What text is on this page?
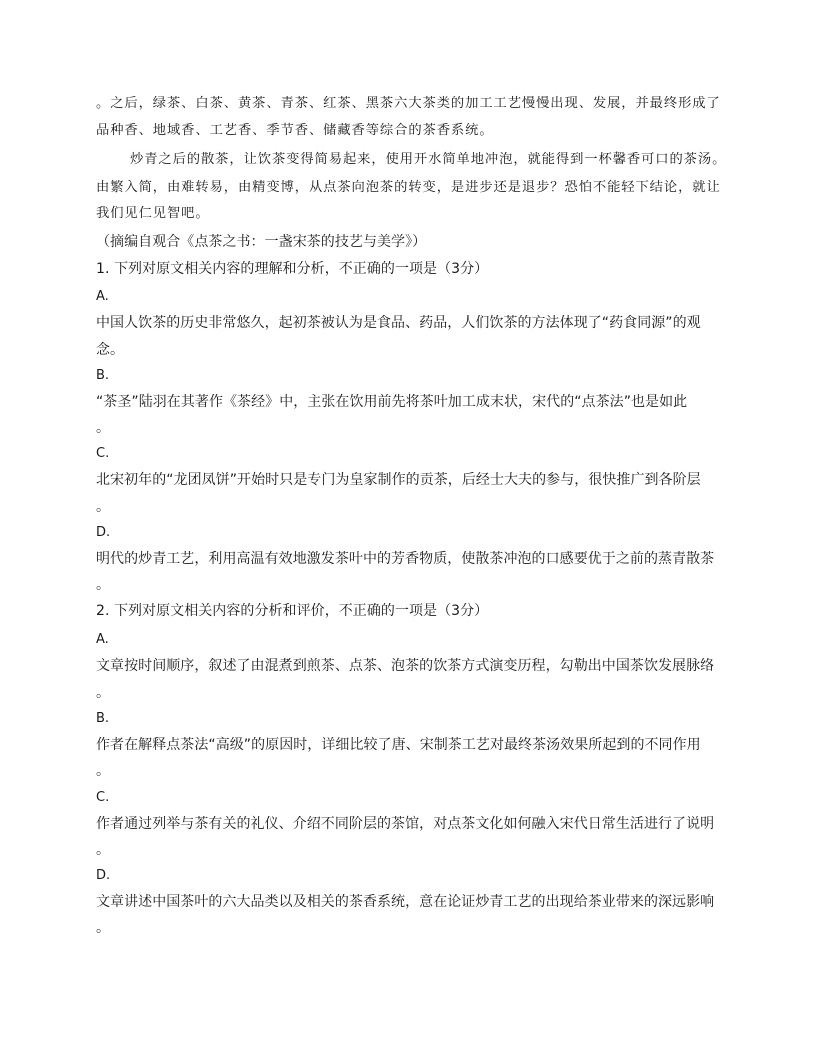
。之后，绿茶、白茶、黄茶、青茶、红茶、黑茶六大茶类的加工工艺慢慢出现、发展，并最终形成了
品种香、地域香、工艺香、季节香、储藏香等综合的茶香系统。
炒青之后的散茶，让饮茶变得简易起来，使用开水简单地冲泡，就能得到一杯馨香可口的茶汤。
由繁入简，由难转易，由精变博，从点茶向泡茶的转变，是进步还是退步？恐怕不能轻下结论，就让
我们见仁见智吧。
（摘编自观合《点茶之书：一盏宋茶的技艺与美学》）
1. 下列对原文相关内容的理解和分析，不正确的一项是（3分）
A.
中国人饮茶的历史非常悠久，起初茶被认为是食品、药品，人们饮茶的方法体现了“药食同源”的观
念。
B.
“茶圣”陆羽在其著作《茶经》中，主张在饮用前先将茶叶加工成末状，宋代的“点茶法”也是如此
。
C.
北宋初年的“龙团凤饼”开始时只是专门为皇家制作的贡茶，后经士大夫的参与，很快推广到各阶层
。
D.
明代的炒青工艺，利用高温有效地激发茶叶中的芳香物质，使散茶冲泡的口感要优于之前的蒸青散茶
。
2. 下列对原文相关内容的分析和评价，不正确的一项是（3分）
A.
文章按时间顺序，叙述了由混煮到煎茶、点茶、泡茶的饮茶方式演变历程，勾勒出中国茶饮发展脉络
。
B.
作者在解释点茶法“高级”的原因时，详细比较了唐、宋制茶工艺对最终茶汤效果所起到的不同作用
。
C.
作者通过列举与茶有关的礼仪、介绍不同阶层的茶馆，对点茶文化如何融入宋代日常生活进行了说明
。
D.
文章讲述中国茶叶的六大品类以及相关的茶香系统，意在论证炒青工艺的出现给茶业带来的深远影响
。
